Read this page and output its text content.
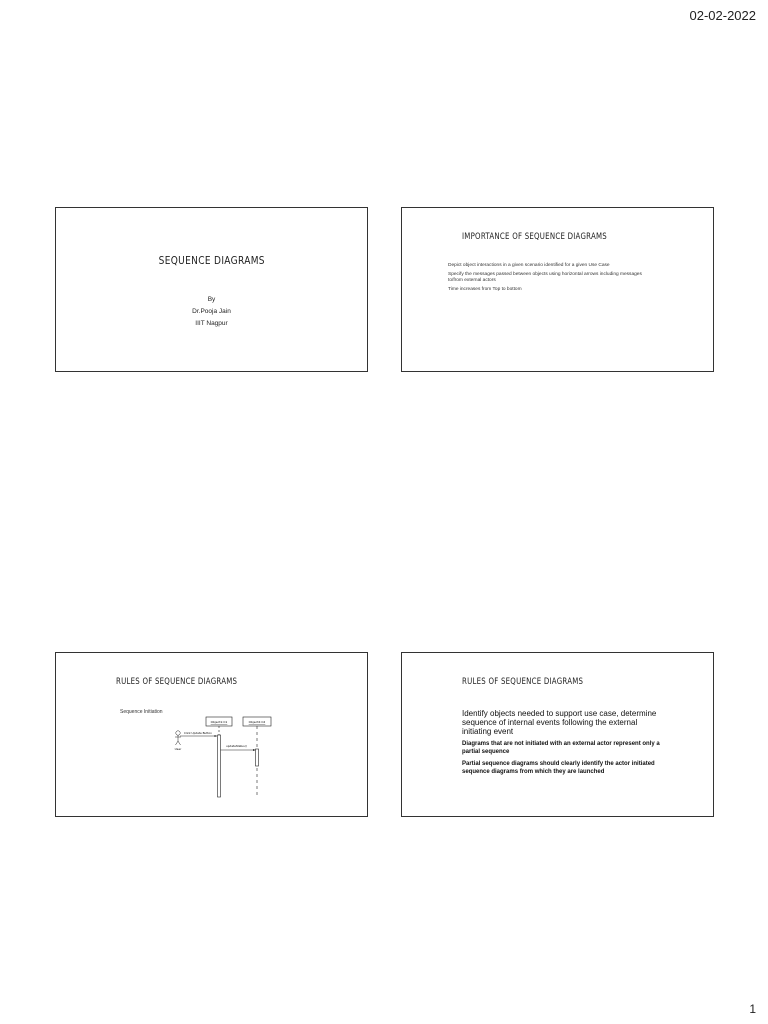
02-02-2022
SEQUENCE DIAGRAMS
By
Dr.Pooja Jain
IIIT Nagpur
IMPORTANCE OF SEQUENCE DIAGRAMS

Depict object interactions in a given scenario identified for a given Use Case

Specify the messages passed between objects using horizontal arrows including messages to/from external actors

Time increases from Top to bottom

RULES OF SEQUENCE DIAGRAMS
Sequence Initiation
Object1:C1	Object2:C2
User
Click Update Button
updateStatus()
RULES OF SEQUENCE DIAGRAMS

Identify objects needed to support use case, determine sequence of internal events following the external initiating event

Diagrams that are not initiated with an external actor represent only a partial sequence

Partial sequence diagrams should clearly identify the actor initiated sequence diagrams from which they are launched

1
